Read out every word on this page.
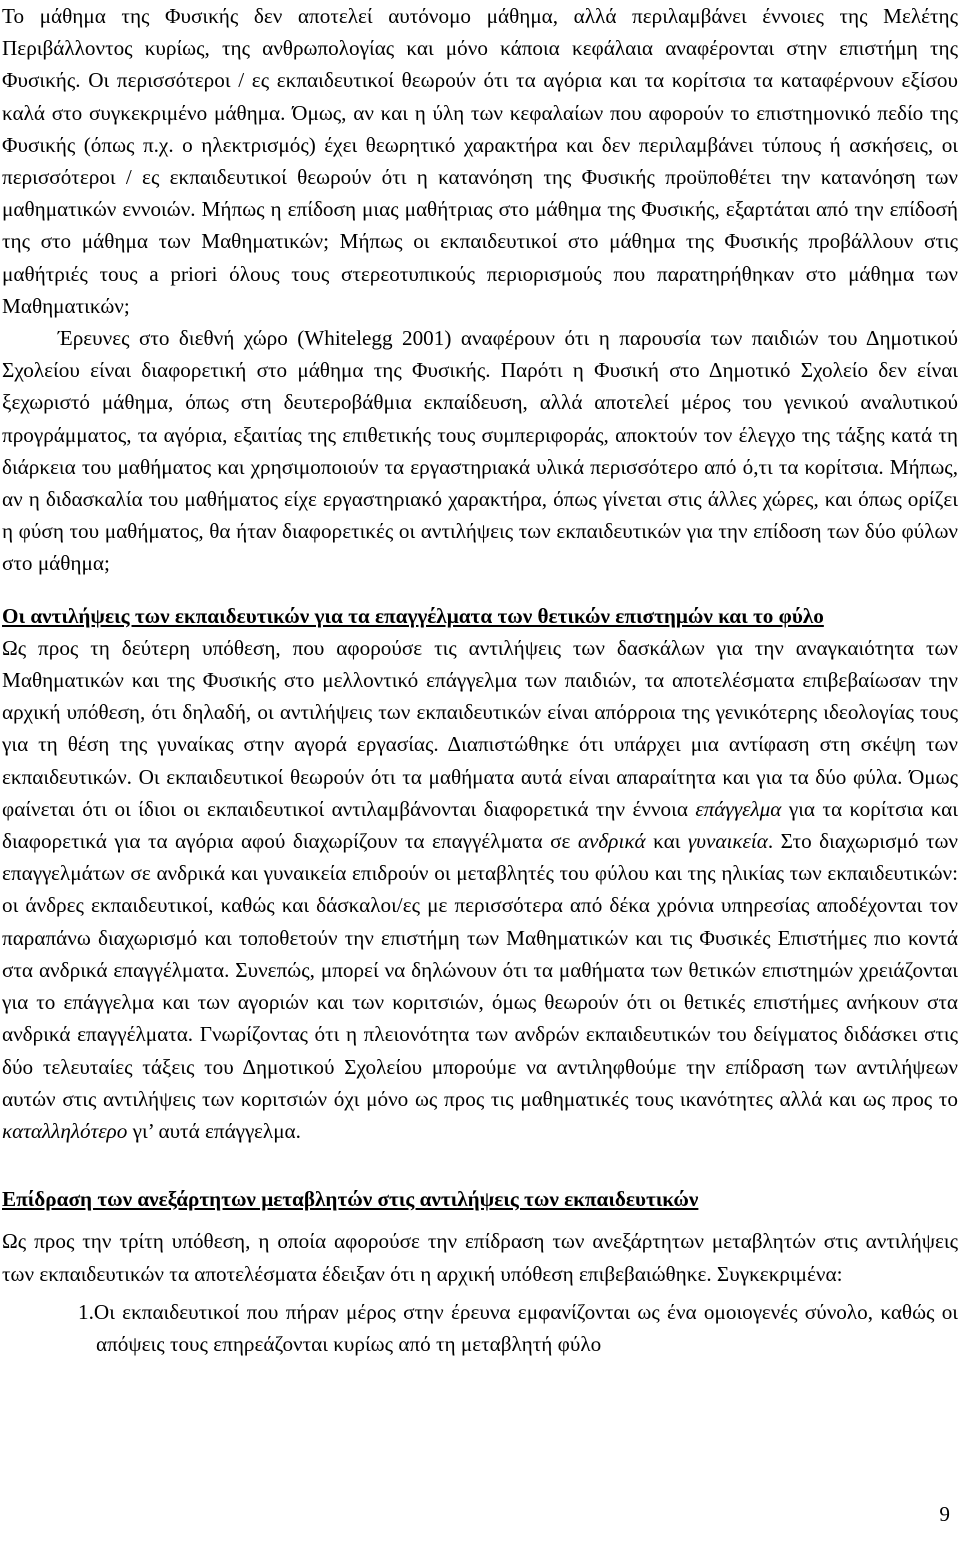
Το μάθημα της Φυσικής δεν αποτελεί αυτόνομο μάθημα, αλλά περιλαμβάνει έννοιες της Μελέτης Περιβάλλοντος κυρίως, της ανθρωπολογίας και μόνο κάποια κεφάλαια αναφέρονται στην επιστήμη της Φυσικής. Οι περισσότεροι / ες εκπαιδευτικοί θεωρούν ότι τα αγόρια και τα κορίτσια τα καταφέρνουν εξίσου καλά στο συγκεκριμένο μάθημα. Όμως, αν και η ύλη των κεφαλαίων που αφορούν το επιστημονικό πεδίο της Φυσικής (όπως π.χ. ο ηλεκτρισμός) έχει θεωρητικό χαρακτήρα και δεν περιλαμβάνει τύπους ή ασκήσεις, οι περισσότεροι / ες εκπαιδευτικοί θεωρούν ότι η κατανόηση της Φυσικής προϋποθέτει την κατανόηση των μαθηματικών εννοιών. Μήπως η επίδοση μιας μαθήτριας στο μάθημα της Φυσικής, εξαρτάται από την επίδοσή της στο μάθημα των Μαθηματικών; Μήπως οι εκπαιδευτικοί στο μάθημα της Φυσικής προβάλλουν στις μαθήτριές τους a priori όλους τους στερεοτυπικούς περιορισμούς που παρατηρήθηκαν στο μάθημα των Μαθηματικών;

Έρευνες στο διεθνή χώρο (Whitelegg 2001) αναφέρουν ότι η παρουσία των παιδιών του Δημοτικού Σχολείου είναι διαφορετική στο μάθημα της Φυσικής. Παρότι η Φυσική στο Δημοτικό Σχολείο δεν είναι ξεχωριστό μάθημα, όπως στη δευτεροβάθμια εκπαίδευση, αλλά αποτελεί μέρος του γενικού αναλυτικού προγράμματος, τα αγόρια, εξαιτίας της επιθετικής τους συμπεριφοράς, αποκτούν τον έλεγχο της τάξης κατά τη διάρκεια του μαθήματος και χρησιμοποιούν τα εργαστηριακά υλικά περισσότερο από ό,τι τα κορίτσια. Μήπως, αν η διδασκαλία του μαθήματος είχε εργαστηριακό χαρακτήρα, όπως γίνεται στις άλλες χώρες, και όπως ορίζει η φύση του μαθήματος, θα ήταν διαφορετικές οι αντιλήψεις των εκπαιδευτικών για την επίδοση των δύο φύλων στο μάθημα;

Οι αντιλήψεις των εκπαιδευτικών για τα επαγγέλματα των θετικών επιστημών και το φύλο

Ως προς τη δεύτερη υπόθεση, που αφορούσε τις αντιλήψεις των δασκάλων για την αναγκαιότητα των Μαθηματικών και της Φυσικής στο μελλοντικό επάγγελμα των παιδιών, τα αποτελέσματα επιβεβαίωσαν την αρχική υπόθεση, ότι δηλαδή, οι αντιλήψεις των εκπαιδευτικών είναι απόρροια της γενικότερης ιδεολογίας τους για τη θέση της γυναίκας στην αγορά εργασίας. Διαπιστώθηκε ότι υπάρχει μια αντίφαση στη σκέψη των εκπαιδευτικών. Οι εκπαιδευτικοί θεωρούν ότι τα μαθήματα αυτά είναι απαραίτητα και για τα δύο φύλα. Όμως φαίνεται ότι οι ίδιοι οι εκπαιδευτικοί αντιλαμβάνονται διαφορετικά την έννοια επάγγελμα για τα κορίτσια και διαφορετικά για τα αγόρια αφού διαχωρίζουν τα επαγγέλματα σε ανδρικά και γυναικεία. Στο διαχωρισμό των επαγγελμάτων σε ανδρικά και γυναικεία επιδρούν οι μεταβλητές του φύλου και της ηλικίας των εκπαιδευτικών: οι άνδρες εκπαιδευτικοί, καθώς και δάσκαλοι/ες με περισσότερα από δέκα χρόνια υπηρεσίας αποδέχονται τον παραπάνω διαχωρισμό και τοποθετούν την επιστήμη των Μαθηματικών και τις Φυσικές Επιστήμες πιο κοντά στα ανδρικά επαγγέλματα. Συνεπώς, μπορεί να δηλώνουν ότι τα μαθήματα των θετικών επιστημών χρειάζονται για το επάγγελμα και των αγοριών και των κοριτσιών, όμως θεωρούν ότι οι θετικές επιστήμες ανήκουν στα ανδρικά επαγγέλματα. Γνωρίζοντας ότι η πλειονότητα των ανδρών εκπαιδευτικών του δείγματος διδάσκει στις δύο τελευταίες τάξεις του Δημοτικού Σχολείου μπορούμε να αντιληφθούμε την επίδραση των αντιλήψεων αυτών στις αντιλήψεις των κοριτσιών όχι μόνο ως προς τις μαθηματικές τους ικανότητες αλλά και ως προς το καταλληλότερο γι’ αυτά επάγγελμα.

Επίδραση των ανεξάρτητων μεταβλητών στις αντιλήψεις των εκπαιδευτικών

Ως προς την τρίτη υπόθεση, η οποία αφορούσε την επίδραση των ανεξάρτητων μεταβλητών στις αντιλήψεις των εκπαιδευτικών τα αποτελέσματα έδειξαν ότι η αρχική υπόθεση επιβεβαιώθηκε. Συγκεκριμένα:

1.Οι εκπαιδευτικοί που πήραν μέρος στην έρευνα εμφανίζονται ως ένα ομοιογενές σύνολο, καθώς οι απόψεις τους επηρεάζονται κυρίως από τη μεταβλητή φύλο

9
